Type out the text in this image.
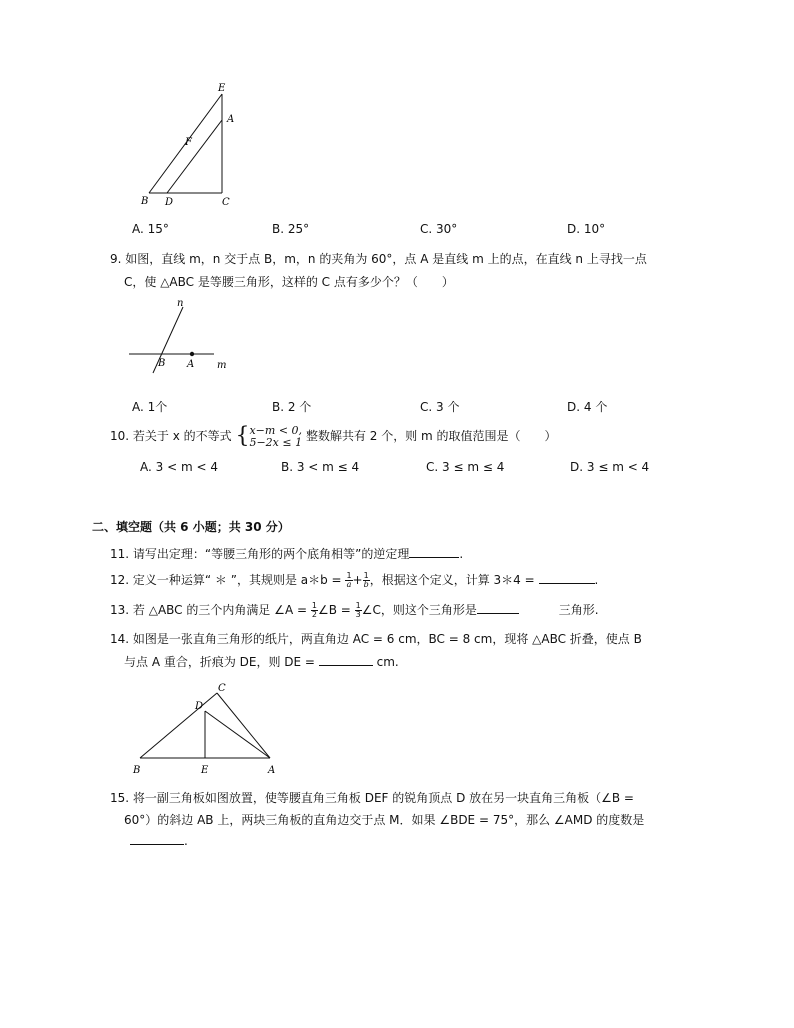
E
A
F
B D	C
A. 15°	B. 25°	C. 30°	D. 10°
9. 如图，直线 m，n 交于点 B，m，n 的夹角为 60°，点 A 是直线 m 上的点，在直线 n 上寻找一点
C，使 △ABC 是等腰三角形，这样的 C 点有多少个？（　　）
n
B A m
A. 1个	B. 2 个	C. 3 个	D. 4 个
10. 若关于 x 的不等式 { x−m < 0,
5−2x ≤ 1 整数解共有 2 个，则 m 的取值范围是（　　）
A. 3 < m < 4	B. 3 < m ≤ 4	C. 3 ≤ m ≤ 4	D. 3 ≤ m < 4
二、填空题（共 6 小题；共 30 分）
11. 请写出定理：“等腰三角形的两个底角相等”的逆定理	.
12. 定义一种运算“ ＊ ”，其规则是 a＊b = $\frac{1}{a} + \frac{1}{b}$ ，根据这个定义，计算 3＊4 =	.
13. 若 △ABC 的三个内角满足 ∠A = $\frac{1}{2}$ ∠B = $\frac{1}{3}$ ∠C，则这个三角形是	三角形.
14. 如图是一张直角三角形的纸片，两直角边 AC = 6 cm，BC = 8 cm，现将 △ABC 折叠，使点 B
与点 A 重合，折痕为 DE，则 DE =	cm.
C
D
B	E	A
15. 将一副三角板如图放置，使等腰直角三角板 DEF 的锐角顶点 D 放在另一块直角三角板（∠B =
60°）的斜边 AB 上，两块三角板的直角边交于点 M．如果 ∠BDE = 75°，那么 ∠AMD 的度数是
.
